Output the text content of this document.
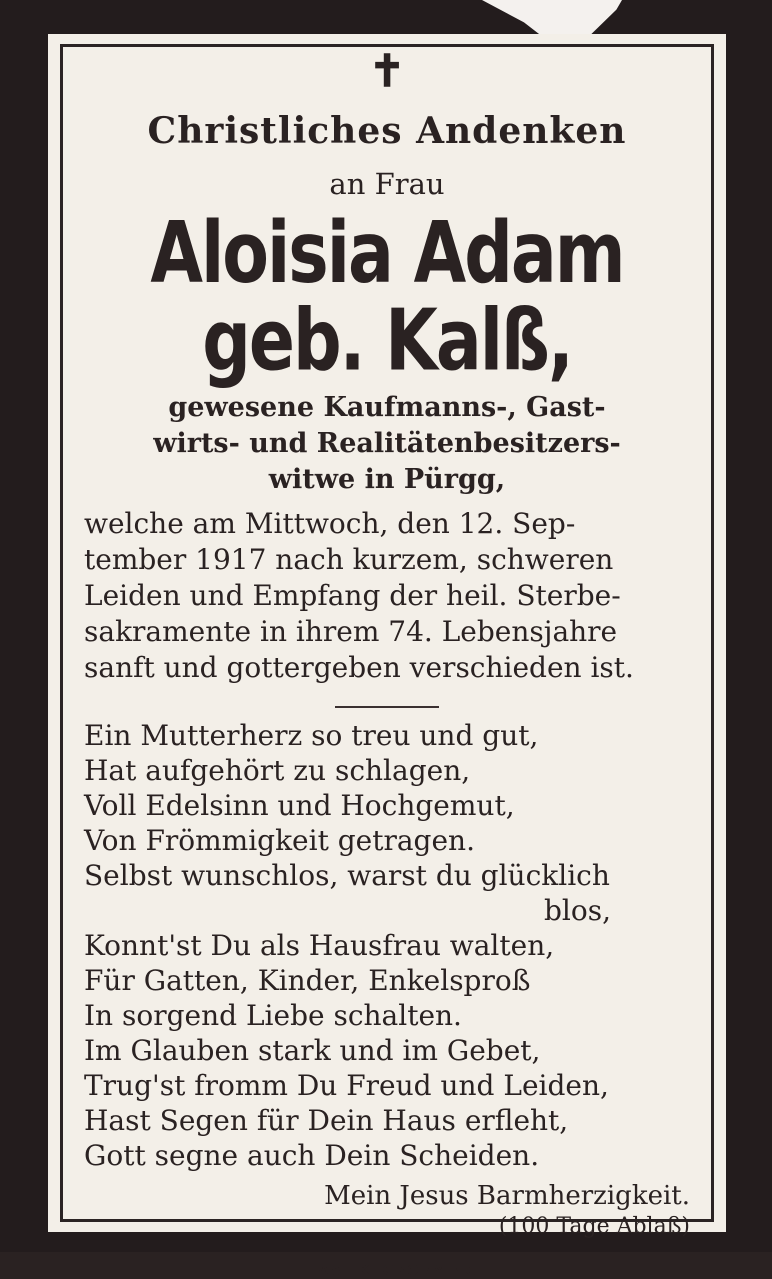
✝
Christliches Andenken
an Frau
Aloisia Adam geb. Kalß,
gewesene Kaufmanns-, Gast-
wirts- und Realitätenbesitzers-
witwe in Pürgg,
welche am Mittwoch, den 12. Sep-
tember 1917 nach kurzem, schweren
Leiden und Empfang der heil. Sterbe-
sakramente in ihrem 74. Lebensjahre
sanft und gottergeben verschieden ist.
Ein Mutterherz so treu und gut,
Hat aufgehört zu schlagen,
Voll Edelsinn und Hochgemut,
Von Frömmigkeit getragen.
Selbst wunschlos, warst du glücklich
blos,
Konnt'st Du als Hausfrau walten,
Für Gatten, Kinder, Enkelsproß
In sorgend Liebe schalten.
Im Glauben stark und im Gebet,
Trug'st fromm Du Freud und Leiden,
Hast Segen für Dein Haus erfleht,
Gott segne auch Dein Scheiden.
Mein Jesus Barmherzigkeit.
(100 Tage Ablaß)
J. WALIK. GRÖRMING
